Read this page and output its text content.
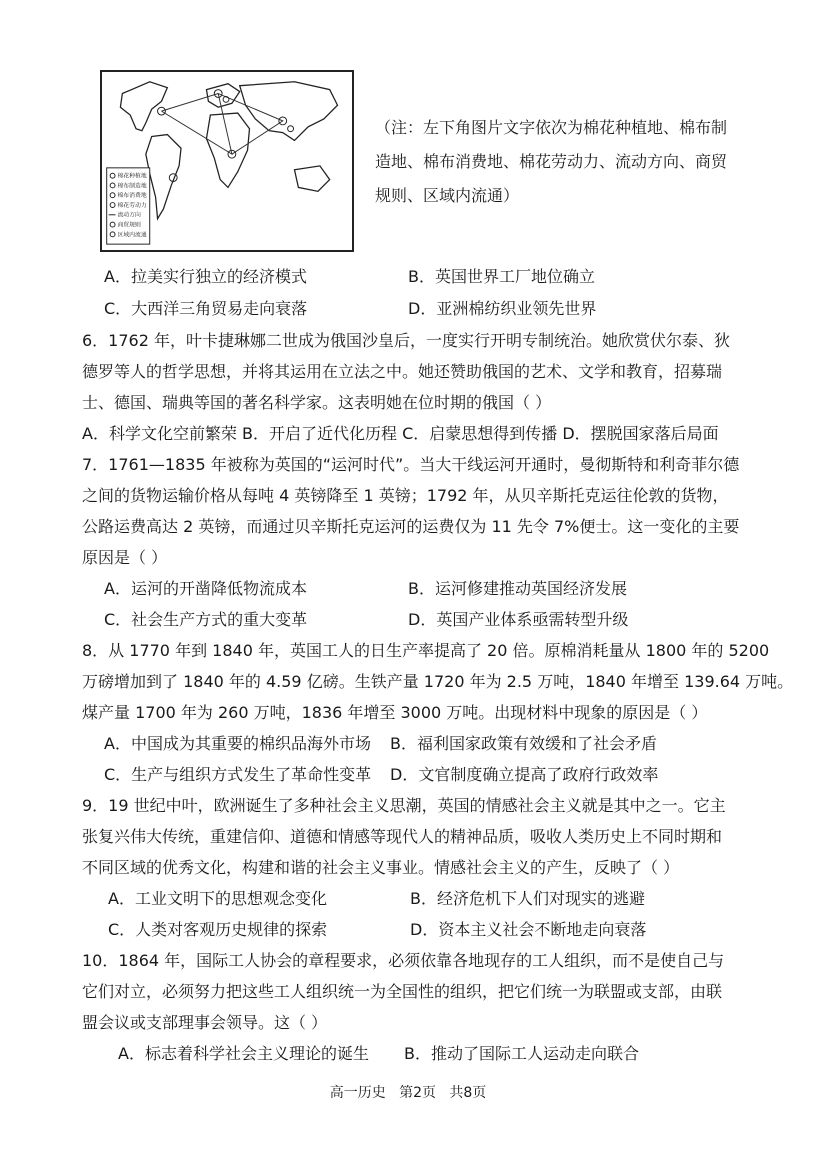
棉花种植地
棉布制造地
棉布消费地
棉花劳动力
流动方向
商贸规则
区域内流通
（注：左下角图片文字依次为棉花种植地、棉布制造地、棉布消费地、棉花劳动力、流动方向、商贸规则、区域内流通）
A．拉美实行独立的经济模式	B．英国世界工厂地位确立
C．大西洋三角贸易走向衰落	D．亚洲棉纺织业领先世界
6．1762 年，叶卡捷琳娜二世成为俄国沙皇后，一度实行开明专制统治。她欣赏伏尔泰、狄
德罗等人的哲学思想，并将其运用在立法之中。她还赞助俄国的艺术、文学和教育，招募瑞
士、德国、瑞典等国的著名科学家。这表明她在位时期的俄国（ ）
A．科学文化空前繁荣 B．开启了近代化历程 C．启蒙思想得到传播 D．摆脱国家落后局面
7．1761—1835 年被称为英国的“运河时代”。当大干线运河开通时，曼彻斯特和利奇菲尔德
之间的货物运输价格从每吨 4 英镑降至 1 英镑；1792 年，从贝辛斯托克运往伦敦的货物，
公路运费高达 2 英镑，而通过贝辛斯托克运河的运费仅为 11 先令 7%便士。这一变化的主要
原因是（ ）
A．运河的开凿降低物流成本	B．运河修建推动英国经济发展
C．社会生产方式的重大变革	D．英国产业体系亟需转型升级
8．从 1770 年到 1840 年，英国工人的日生产率提高了 20 倍。原棉消耗量从 1800 年的 5200
万磅增加到了 1840 年的 4.59 亿磅。生铁产量 1720 年为 2.5 万吨，1840 年增至 139.64 万吨。
煤产量 1700 年为 260 万吨，1836 年增至 3000 万吨。出现材料中现象的原因是（ ）
A．中国成为其重要的棉织品海外市场 B．福利国家政策有效缓和了社会矛盾
C．生产与组织方式发生了革命性变革 D．文官制度确立提高了政府行政效率
9．19 世纪中叶，欧洲诞生了多种社会主义思潮，英国的情感社会主义就是其中之一。它主
张复兴伟大传统，重建信仰、道德和情感等现代人的精神品质，吸收人类历史上不同时期和
不同区域的优秀文化，构建和谐的社会主义事业。情感社会主义的产生，反映了（ ）
A．工业文明下的思想观念变化	B．经济危机下人们对现实的逃避
C．人类对客观历史规律的探索	D．资本主义社会不断地走向衰落
10．1864 年，国际工人协会的章程要求，必须依靠各地现存的工人组织，而不是使自己与
它们对立，必须努力把这些工人组织统一为全国性的组织，把它们统一为联盟或支部，由联
盟会议或支部理事会领导。这（ ）
A．标志着科学社会主义理论的诞生 B．推动了国际工人运动走向联合
高一历史   第2页   共8页
